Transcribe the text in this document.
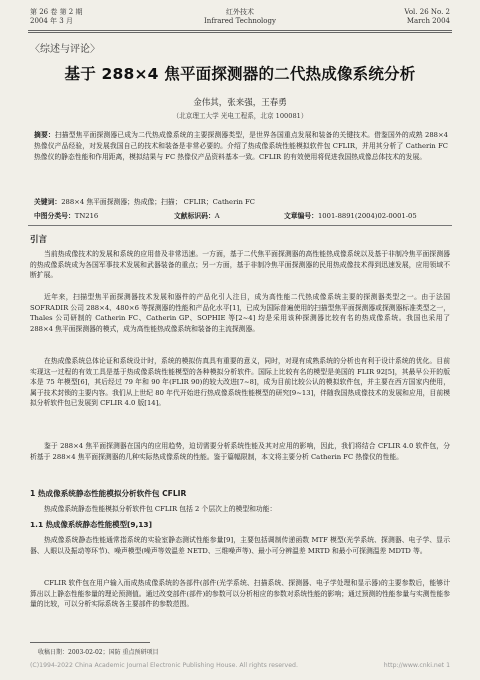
第 26 卷 第 2 期
2004 年 3 月
红外技术
Infrared Technology
Vol. 26 No. 2
March 2004
〈综述与评论〉
基于 288×4 焦平面探测器的二代热成像系统分析
金伟其，张来强，王春勇
（北京理工大学 光电工程系，北京 100081）
摘要：扫描型焦平面探测器已成为二代热成像系统的主要探测器类型，是世界各国重点发展和装备的关键技术。借鉴国外的成熟 288×4 热像仪产品经验，对发展我国自己的技术和装备是非常必要的。介绍了热成像系统性能模拟软件包 CFLIR，并用其分析了 Catherin FC 热像仪的静态性能和作用距离，模拟结果与 FC 热像仪产品资料基本一致。CFLIR 的有效使用将促进我国热成像总体技术的发展。
关键词：288×4 焦平面探测器；热成像；扫描； CFLIR；Catherin FC
中图分类号：TN216	文献标识码：A	文章编号：1001-8891(2004)02-0001-05
引言
当前热成像技术的发展和系统的应用普及非常迅速。一方面，基于二代焦平面探测器的高性能热成像系统以及基于非制冷焦平面探测器的热成像系统成为各国军事技术发展和武器装备的重点；另一方面，基于非制冷焦平面探测器的民用热成像技术得到迅速发展，应用领域不断扩展。
近年来，扫描型焦平面探测器技术发展和器件的产品化引人注目，成为高性能二代热成像系统主要的探测器类型之一。由于法国 SOFRADIR 公司 288×4、480×6 等探测器的性能和产品化水平[1]，已成为国际普遍使用的扫描型焦平面探测器或探测器标准类型之一，Thales 公司研制的 Catherin FC、Catherin GP、SOPHIE 等[2~4] 均是采用该种探测器比较有名的热成像系统。我国也采用了 288×4 焦平面探测器的模式，成为高性能热成像系统和装备的主流探测器。
在热成像系统总体论证和系统设计时，系统的模拟仿真具有重要的意义，同时，对现有成熟系统的分析也有利于设计系统的优化。目前实现这一过程的有效工具是基于热成像系统性能模型的各种模拟分析软件。国际上比较有名的模型是美国的 FLIR 92[5]，其最早公开的版本是 75 年模型[6]，其后经过 79 年和 90 年(FLIR 90)的较大改进[7~8]，成为目前比较公认的模拟软件包，并主要在西方国家内使用，属于技术封锁的主要内容。我们从上世纪 80 年代开始进行热成像系统性能模型的研究[9~13]，伴随我国热成像技术的发展和应用，目前模拟分析软件包已发展到 CFLIR 4.0 版[14]。
鉴于 288×4 焦平面探测器在国内的应用趋势，迫切需要分析系统性能及其对应用的影响，因此，我们将结合 CFLIR 4.0 软件包，分析基于 288×4 焦平面探测器的几种实际热成像系统的性能。鉴于篇幅限制，本文将主要分析 Catherin FC 热像仪的性能。
1 热成像系统静态性能模拟分析软件包 CFLIR
热成像系统静态性能模拟分析软件包 CFLIR 包括 2 个层次上的模型和功能：
1.1 热成像系统静态性能模型[9,13]
热成像系统静态性能通常指系统的实验室静态测试性能参量[9]，主要包括调制传递函数 MTF 模型(光学系统、探测器、电子学、显示器、人眼以及振动等环节)、噪声模型(噪声等效温差 NETD、三维噪声等)、最小可分辨温差 MRTD 和最小可探测温差 MDTD 等。
CFLIR 软件包在用户输入而成热成像系统的各部件(部件(光学系统、扫描系统、探测器、电子学处理和显示器)的主要参数后，能够计算出以上静态性能参量的理论预测值。通过改变部件(部件)的参数可以分析相应的参数对系统性能的影响；通过预测的性能参量与实测性能参量的比较，可以分析实际系统各主要部件的参数范围。
收稿日期：2003-02-02；国防 重点预研项目
(C)1994-2022 China Academic Journal Electronic Publishing House. All rights reserved.	http://www.cnki.net 1
